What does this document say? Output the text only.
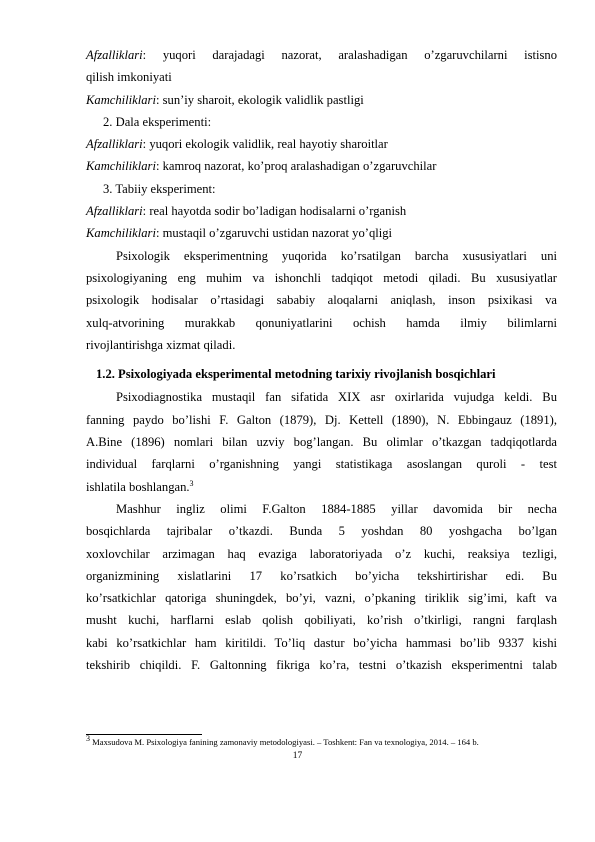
Afzalliklari: yuqori darajadagi nazorat, aralashadigan o’zgaruvchilarni istisno
qilish imkoniyati
Kamchiliklari: sun’iy sharoit, ekologik validlik pastligi
2. Dala eksperimenti:
Afzalliklari: yuqori ekologik validlik, real hayotiy sharoitlar
Kamchiliklari: kamroq nazorat, ko’proq aralashadigan o’zgaruvchilar
3. Tabiiy eksperiment:
Afzalliklari: real hayotda sodir bo’ladigan hodisalarni o’rganish
Kamchiliklari: mustaqil o’zgaruvchi ustidan nazorat yo’qligi
Psixologik eksperimentning yuqorida ko’rsatilgan barcha xususiyatlari uni
psixologiyaning eng muhim va ishonchli tadqiqot metodi qiladi. Bu xususiyatlar
psixologik hodisalar o’rtasidagi sababiy aloqalarni aniqlash, inson psixikasi va
xulq-atvorining murakkab qonuniyatlarini ochish hamda ilmiy bilimlarni
rivojlantirishga xizmat qiladi.
1.2. Psixologiyada eksperimental metodning tarixiy rivojlanish bosqichlari
Psixodiagnostika mustaqil fan sifatida XIX asr oxirlarida vujudga keldi. Bu
fanning paydo bo’lishi F. Galton (1879), Dj. Kettell (1890), N. Ebbingauz (1891),
A.Bine (1896) nomlari bilan uzviy bog’langan. Bu olimlar o’tkazgan tadqiqotlarda
individual farqlarni o’rganishning yangi statistikaga asoslangan quroli - test
ishlatila boshlangan.$^3$
Mashhur ingliz olimi F.Galton 1884-1885 yillar davomida bir necha
bosqichlarda tajribalar o’tkazdi. Bunda 5 yoshdan 80 yoshgacha bo’lgan
xoxlovchilar arzimagan haq evaziga laboratoriyada o’z kuchi, reaksiya tezligi,
organizmining xislatlarini 17 ko’rsatkich bo’yicha tekshirtirishar edi. Bu
ko’rsatkichlar qatoriga shuningdek, bo’yi, vazni, o’pkaning tiriklik sig’imi, kaft va
musht kuchi, harflarni eslab qolish qobiliyati, ko’rish o’tkirligi, rangni farqlash
kabi ko’rsatkichlar ham kiritildi. To’liq dastur bo’yicha hammasi bo’lib 9337 kishi
tekshirib chiqildi. F. Galtonning fikriga ko’ra, testni o’tkazish eksperimentni talab
$^3$ Maxsudova M. Psixologiya fanining zamonaviy metodologiyasi. – Toshkent: Fan va texnologiya, 2014. – 164 b.
17
